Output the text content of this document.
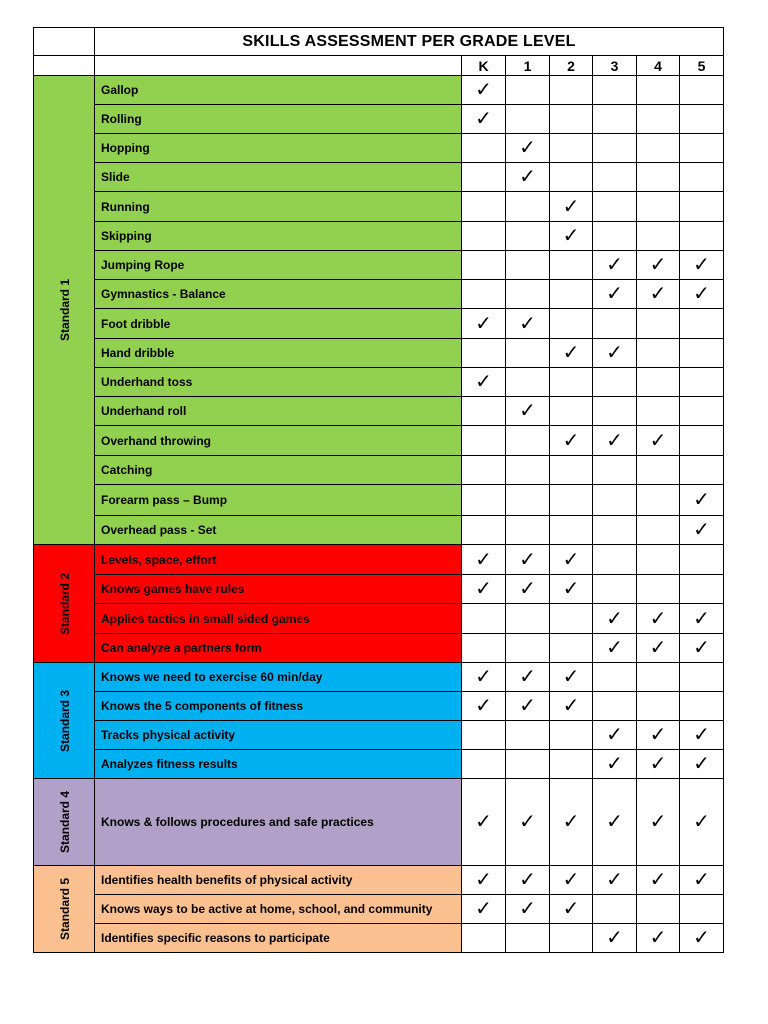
	SKILLS ASSESSMENT PER GRADE LEVEL						
		K	1	2	3	4	5
Standard 1	Gallop	✓					
	Rolling	✓					
	Hopping		✓				
	Slide		✓				
	Running			✓			
	Skipping			✓			
	Jumping Rope				✓	✓	✓
	Gymnastics - Balance				✓	✓	✓
	Foot dribble	✓	✓				
	Hand dribble			✓	✓		
	Underhand toss	✓					
	Underhand roll		✓				
	Overhand throwing			✓	✓	✓	
	Catching						
	Forearm pass – Bump						✓
	Overhead pass - Set						✓
Standard 2	Levels, space, effort	✓	✓	✓			
	Knows games have rules	✓	✓	✓			
	Applies tactics in small sided games				✓	✓	✓
	Can analyze a partners form				✓	✓	✓
Standard 3	Knows we need to exercise 60 min/day	✓	✓	✓			
	Knows the 5 components of fitness	✓	✓	✓			
	Tracks physical activity				✓	✓	✓
	Analyzes fitness results				✓	✓	✓
Standard 4	Knows & follows procedures and safe practices	✓	✓	✓	✓	✓	✓
Standard 5	Identifies health benefits of physical activity	✓	✓	✓	✓	✓	✓
	Knows ways to be active at home, school, and community	✓	✓	✓			
	Identifies specific reasons to participate				✓	✓	✓
